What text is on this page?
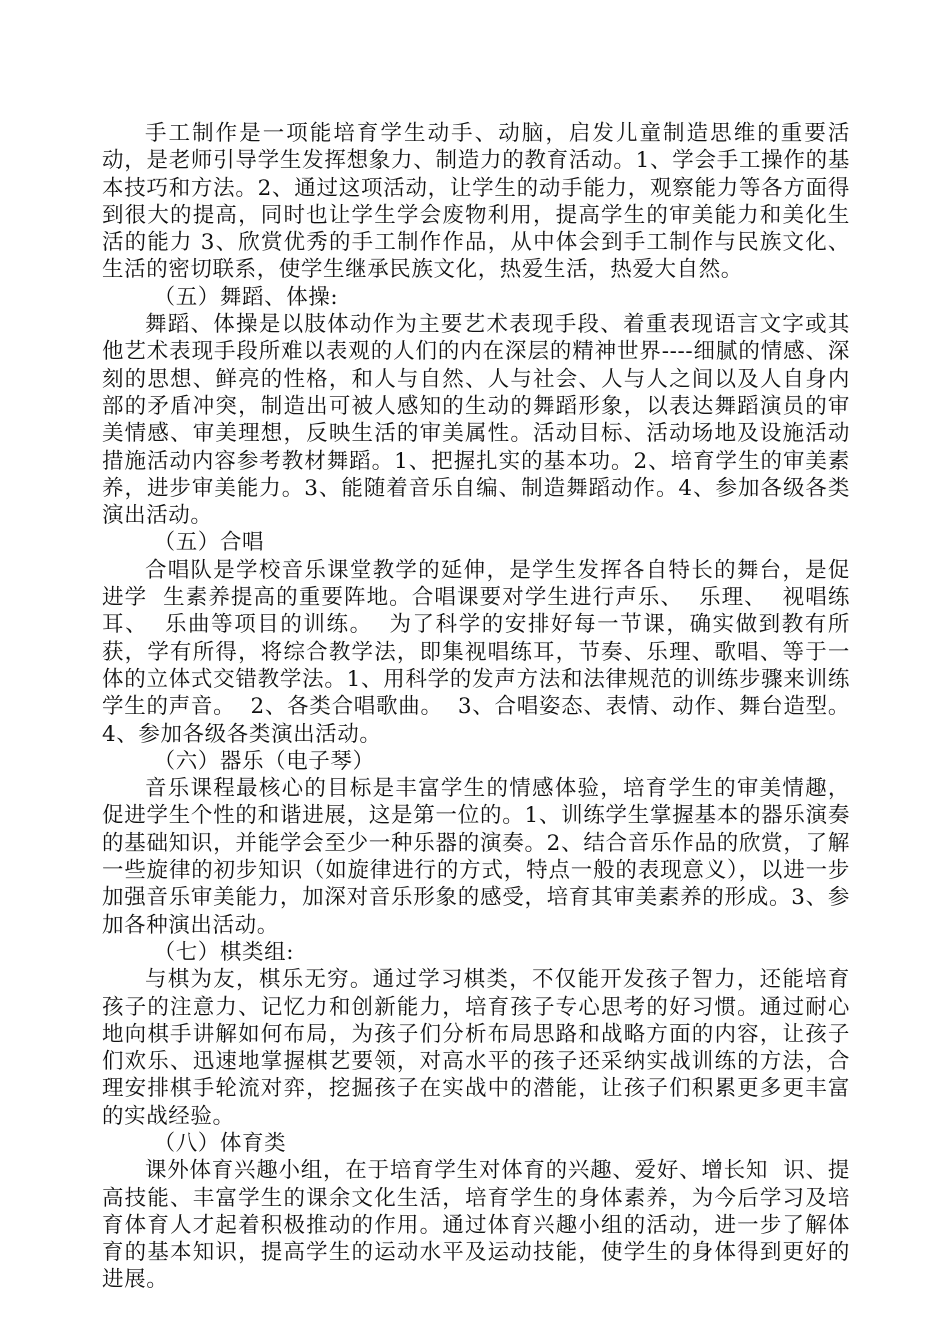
手工制作是一项能培育学生动手、动脑，启发儿童制造思维的重要活动，是老师引导学生发挥想象力、制造力的教育活动。1、学会手工操作的基本技巧和方法。2、通过这项活动，让学生的动手能力，观察能力等各方面得到很大的提高，同时也让学生学会废物利用，提高学生的审美能力和美化生活的能力 3、欣赏优秀的手工制作作品，从中体会到手工制作与民族文化、生活的密切联系，使学生继承民族文化，热爱生活，热爱大自然。

（五）舞蹈、体操:

舞蹈、体操是以肢体动作为主要艺术表现手段、着重表现语言文字或其他艺术表现手段所难以表观的人们的内在深层的精神世界----细腻的情感、深刻的思想、鲜亮的性格，和人与自然、人与社会、人与人之间以及人自身内部的矛盾冲突，制造出可被人感知的生动的舞蹈形象，以表达舞蹈演员的审美情感、审美理想，反映生活的审美属性。活动目标、活动场地及设施活动措施活动内容参考教材舞蹈。1、把握扎实的基本功。2、培育学生的审美素养，进步审美能力。3、能随着音乐自编、制造舞蹈动作。4、参加各级各类演出活动。

（五）合唱

合唱队是学校音乐课堂教学的延伸，是学生发挥各自特长的舞台，是促进学  生素养提高的重要阵地。合唱课要对学生进行声乐、  乐理、  视唱练耳、  乐曲等项目的训练。  为了科学的安排好每一节课，确实做到教有所获，学有所得，将综合教学法，即集视唱练耳，节奏、乐理、歌唱、等于一体的立体式交错教学法。1、用科学的发声方法和法律规范的训练步骤来训练学生的声音。  2、各类合唱歌曲。  3、合唱姿态、表情、动作、舞台造型。4、参加各级各类演出活动。

（六）器乐（电子琴）

音乐课程最核心的目标是丰富学生的情感体验，培育学生的审美情趣，促进学生个性的和谐进展，这是第一位的。1、训练学生掌握基本的器乐演奏的基础知识，并能学会至少一种乐器的演奏。2、结合音乐作品的欣赏，了解一些旋律的初步知识（如旋律进行的方式，特点一般的表现意义），以进一步加强音乐审美能力，加深对音乐形象的感受，培育其审美素养的形成。3、参加各种演出活动。

（七）棋类组:

与棋为友，棋乐无穷。通过学习棋类，不仅能开发孩子智力，还能培育孩子的注意力、记忆力和创新能力，培育孩子专心思考的好习惯。通过耐心地向棋手讲解如何布局，为孩子们分析布局思路和战略方面的内容，让孩子们欢乐、迅速地掌握棋艺要领，对高水平的孩子还采纳实战训练的方法，合理安排棋手轮流对弈，挖掘孩子在实战中的潜能，让孩子们积累更多更丰富的实战经验。

（八）体育类

课外体育兴趣小组，在于培育学生对体育的兴趣、爱好、增长知  识、提高技能、丰富学生的课余文化生活，培育学生的身体素养，为今后学习及培育体育人才起着积极推动的作用。通过体育兴趣小组的活动，进一步了解体育的基本知识，提高学生的运动水平及运动技能，使学生的身体得到更好的进展。
